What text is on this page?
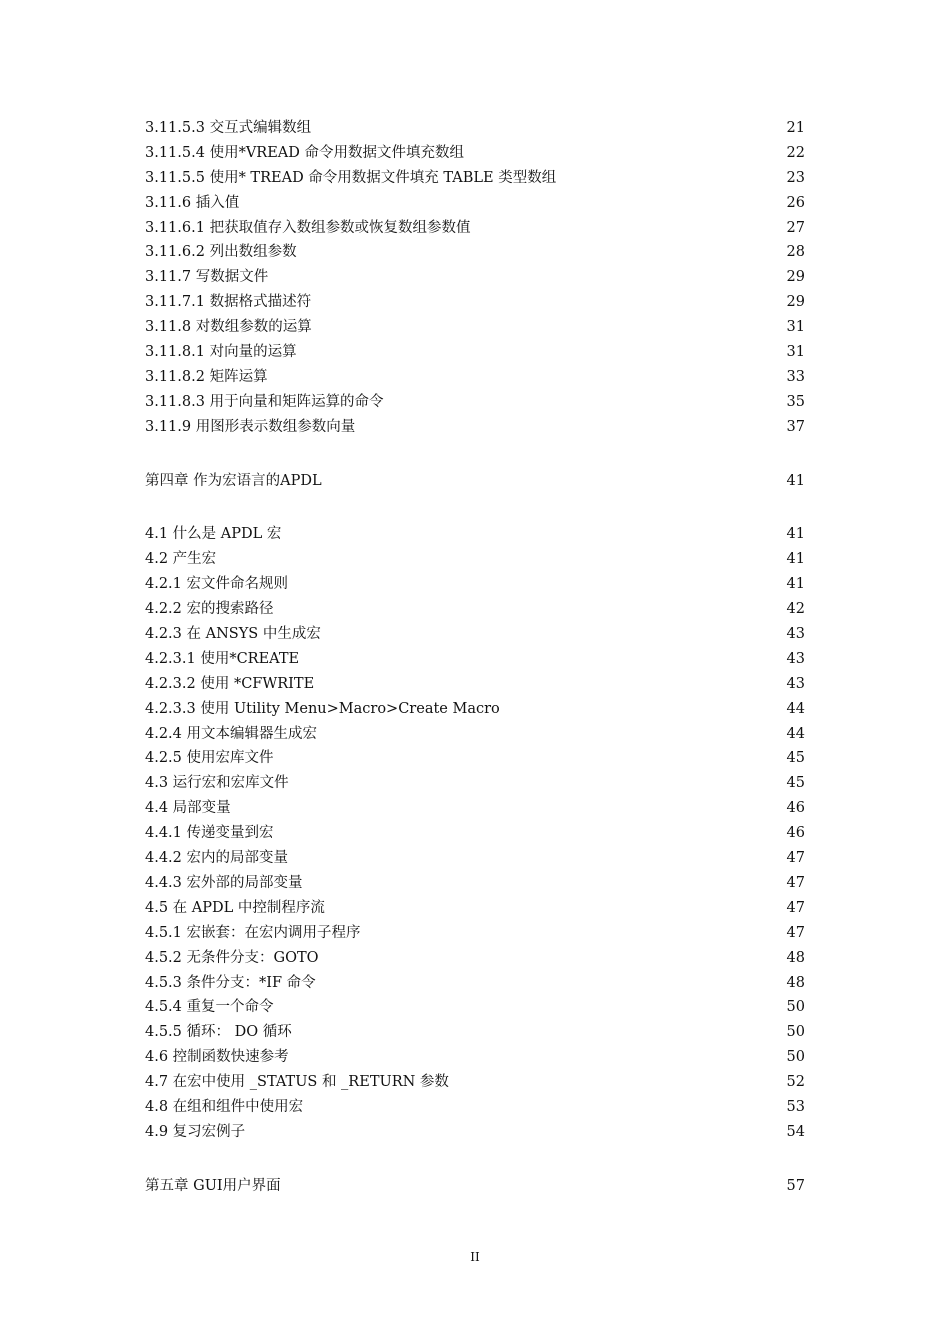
3.11.5.3 交互式编辑数组	21
3.11.5.4 使用*VREAD 命令用数据文件填充数组	22
3.11.5.5 使用* TREAD 命令用数据文件填充 TABLE 类型数组	23
3.11.6 插入值	26
3.11.6.1 把获取值存入数组参数或恢复数组参数值	27
3.11.6.2 列出数组参数	28
3.11.7 写数据文件	29
3.11.7.1 数据格式描述符	29
3.11.8 对数组参数的运算	31
3.11.8.1 对向量的运算	31
3.11.8.2 矩阵运算	33
3.11.8.3 用于向量和矩阵运算的命令	35
3.11.9 用图形表示数组参数向量	37
第四章 作为宏语言的APDL	41
4.1 什么是 APDL 宏	41
4.2 产生宏	41
4.2.1 宏文件命名规则	41
4.2.2 宏的搜索路径	42
4.2.3 在 ANSYS 中生成宏	43
4.2.3.1 使用*CREATE	43
4.2.3.2 使用 *CFWRITE	43
4.2.3.3 使用 Utility Menu>Macro>Create Macro	44
4.2.4 用文本编辑器生成宏	44
4.2.5 使用宏库文件	45
4.3 运行宏和宏库文件	45
4.4 局部变量	46
4.4.1 传递变量到宏	46
4.4.2 宏内的局部变量	47
4.4.3 宏外部的局部变量	47
4.5 在 APDL 中控制程序流	47
4.5.1 宏嵌套：在宏内调用子程序	47
4.5.2 无条件分支：GOTO	48
4.5.3 条件分支：*IF 命令	48
4.5.4 重复一个命令	50
4.5.5 循环： DO 循环	50
4.6 控制函数快速参考	50
4.7 在宏中使用 _STATUS 和 _RETURN 参数	52
4.8 在组和组件中使用宏	53
4.9 复习宏例子	54
第五章 GUI用户界面	57
II
